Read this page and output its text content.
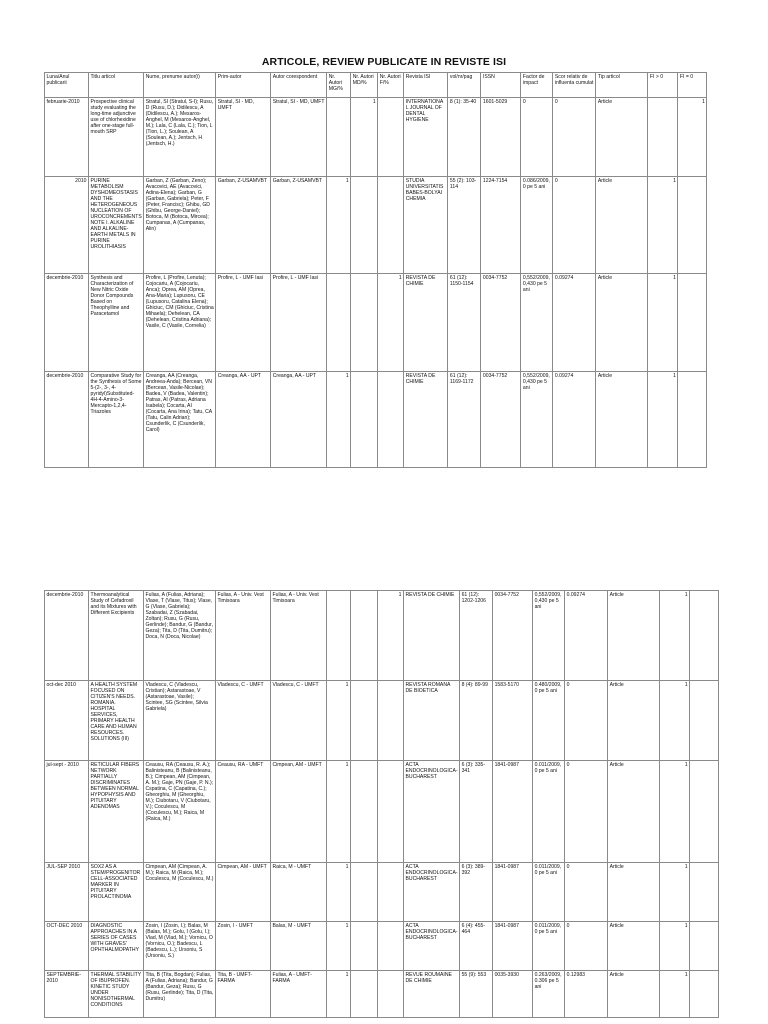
ARTICOLE, REVIEW PUBLICATE IN REVISTE ISI
Luna/Anul publicarii	Titlu articol	Nume, prenume autor(i)	Prim-autor	Autor corespondent	Nr. Autori MG/%	Nr. Autori MD/%	Nr. Autori F/%	Revista ISI	vol/nr/pag	ISSN	Factor de impact	Scor relativ de influenta cumulat	Tip articol	FI > 0	FI = 0
februarie-2010	Prospective clinical study evaluating the long-time adjunctive use of chlorhexidine after one-stage full-mouth SRP	Stratul, SI (Stratul, S-I); Rusu, D (Rusu, D.); Didilescu, A (Didilescu, A.); Mesaros-Anghel, M (Mesaros-Anghel, M.); Lala, C (Lala, C.); Tion, L (Tion, L.); Soulean, A (Soulean, A.); Jentsch, H (Jentsch, H.)	Stratul, SI - MD, UMFT	Stratul, SI - MD, UMFT		1		INTERNATIONAL JOURNAL OF DENTAL HYGIENE	8 (1): 35-40	1601-5029	0	0	Article		1
2010	PURINE METABOLISM DYSHOMEOSTASIS AND THE HETEROGENEOUS NUCLEATION OF UROCONCREMENTS NOTE I. ALKALINE AND ALKALINE-EARTH METALS IN PURINE UROLITHIASIS	Garban, Z (Garban, Zeno); Avacovici, AE (Avacovici, Adina-Elena); Garban, G (Garban, Gabriela); Peter, F (Peter, Francisc); Ghibu, GD (Ghibu, George-Daniel); Botoca, M (Botoca, Mircea); Cumpanas, A (Cumpanas, Alin)	Garban, Z-USAMVBT	Garban, Z-USAMVBT	1			STUDIA UNIVERSITATIS BABES-BOLYAI CHEMIA	55 (2): 103-114	1224-7154	0.086/2009, 0 pe 5 ani	0	Article	1	
decembrie-2010	Synthesis and Characterization of New Nitric Oxide Donor Compounds Based on Theophylline and Paracetamol	Profire, L (Profire, Lenuta); Cojocariu, A (Cojocariu, Anca); Oprea, AM (Oprea, Ana-Maria); Lupusoru, CE (Lupusoru, Catalina Elena); Ghiciuc, CM (Ghiciuc, Cristina Mihaela); Dehelean, CA (Dehelean, Cristina Adriana); Vasile, C (Vasile, Cornelia)	Profire, L - UMF Iasi	Profire, L - UMF Iasi			1	REVISTA DE CHIMIE	61 (12): 1150-1154	0034-7752	0,552/2009, 0,430 pe 5 ani	0.09274	Article	1	
decembrie-2010	Comparative Study for the Synthesis of Some 5-(2-, 3-, 4-pyridyl)Substituted-4H-4-Amino-3-Mercapto-1,2,4-Triazoles	Creanga, AA (Creanga, Andreea-Anda); Bercean, VN (Bercean, Vasile-Nicolae); Badea, V (Badea, Valentin); Patras, AI (Patras, Adriana Isabela); Cocarta, AI (Cocarta, Ana Irina); Tatu, CA (Tatu, Calin Adrian); Csunderlik, C (Csunderlik, Carol)	Creanga, AA - UPT	Creanga, AA - UPT	1			REVISTA DE CHIMIE	61 (12): 1169-1172	0034-7752	0,552/2009, 0,430 pe 5 ani	0.09274	Article	1	
decembrie-2010	Thermoanalytical Study of Cefadroxil and its Mixtures with Different Excipients	Fulias, A (Fulias, Adriana); Vlase, T (Vlase, Titus); Vlase, G (Vlase, Gabriela); Szabadai, Z (Szabadai, Zoltan); Rusu, G (Rusu, Gerlinde); Bandur, G (Bandur, Geza); Tita, D (Tita, Dumitru); Doca, N (Doca, Nicolae)	Fulias, A - Univ. Vest Timisoara	Fulias, A - Univ. Vest Timisoara			1	REVISTA DE CHIMIE	61 (12): 1202-1206	0034-7752	0,552/2009, 0,430 pe 5 ani	0.09274	Article	1	
oct-dec 2010	A HEALTH SYSTEM FOCUSED ON CITIZEN'S NEEDS. ROMANIA. HOSPITAL SERVICES, PRIMARY HEALTH CARE AND HUMAN RESOURCES. SOLUTIONS (III)	Vladescu, C (Vladescu, Cristian); Astarastoae, V (Astarastoae, Vasile); Scintee, SG (Scintee, Silvia Gabriela)	Vladescu, C - UMFT	Vladescu, C - UMFT	1			REVISTA ROMANA DE BIOETICA	8 (4): 89-99	1583-5170	0.480/2009, 0 pe 5 ani	0	Article	1	
jul-sept - 2010	RETICULAR FIBERS NETWORK PARTIALLY DISCRIMINATES BETWEEN NORMAL HYPOPHYSIS AND PITUITARY ADENOMAS	Ceausu, RA (Ceausu, R. A.); Balinisteanu, B (Balinisteanu, B.); Cimpean, AM (Cimpean, A. M.); Gaje, PN (Gaje, P. N.); Cspatina, C (Capatina, C.); Gheorghiu, M (Gheorghiu, M.); Ciubotaru, V (Ciubotaru, V.); Coculescu, M (Coculescu, M.); Raica, M (Raica, M.)	Ceausu, RA - UMFT	Cimpean, AM - UMFT	1			ACTA ENDOCRINOLOGICA-BUCHAREST	6 (3): 335-341	1841-0987	0.011/2009, 0 pe 5 ani	0	Article	1	
JUL-SEP 2010	SOX2 AS A STEM/PROGENITOR CELL-ASSOCIATED MARKER IN PITUITARY PROLACTINOMA	Cimpean, AM (Cimpean, A. M.); Raica, M (Raica, M.); Coculescu, M (Coculescu, M.)	Cimpean, AM - UMFT	Raica, M - UMFT	1			ACTA ENDOCRINOLOGICA-BUCHAREST	6 (3): 389-392	1841-0987	0.011/2009, 0 pe 5 ani	0	Article	1	
OCT-DEC 2010	DIAGNOSTIC APPROACHES IN A SERIES OF CASES WITH GRAVES' OPHTHALMOPATHY	Zosin, I (Zosin, I.); Balas, M (Balas, M.); Golu, I (Golu, I.); Vlad, M (Vlad, M.); Vornicu, O (Vornicu, O.); Badescu, L (Badescu, L.); Ursoniu, S (Ursoniu, S.)	Zosin, I - UMFT	Balas, M - UMFT	1			ACTA ENDOCRINOLOGICA-BUCHAREST	6 (4): 455-464	1841-0987	0.011/2009, 0 pe 5 ani	0	Article	1	
SEPTEMBRIE-2010	THERMAL STABILITY OF IBUPROFEN. KINETIC STUDY UNDER NONISOTHERMAL CONDITIONS	Tita, B (Tita, Bogdan); Fulias, A (Fulias, Adriana); Bandur, G (Bandur, Geza); Rusu, G (Rusu, Gerlinde); Tita, D (Tita, Dumitru)	Tita, B - UMFT-FARMA	Fulias, A - UMFT-FARMA	1			REVUE ROUMAINE DE CHIMIE	55 (9): 553	0035-3930	0.263/2009, 0.306 pe 5 ani	0.12983	Article	1	
